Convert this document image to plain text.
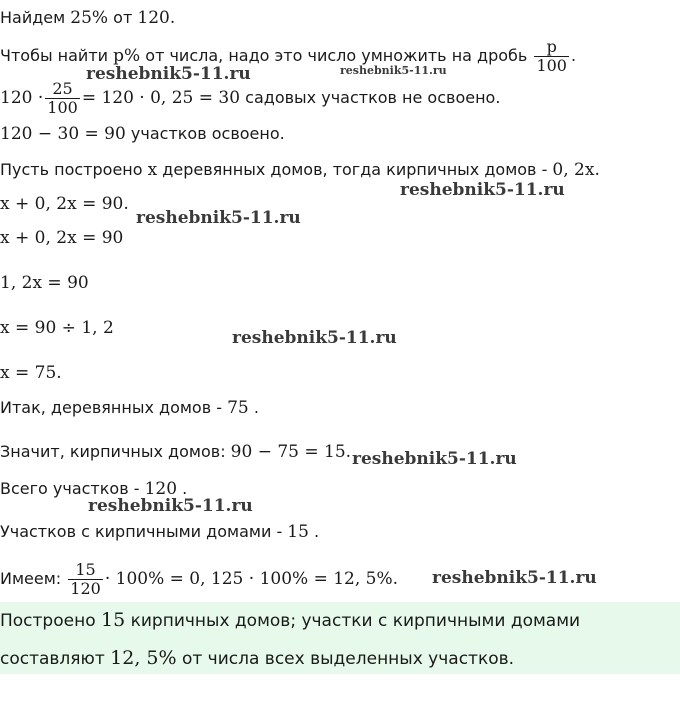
Найдем 25% от 120.
Чтобы найти p% от числа, надо это число умножить на дробь $\frac{p}{100}$ .
$120 \cdot \frac{25}{100} = 120 \cdot 0$, 25 = 30 садовых участков не освоено.
120 − 30 = 90 участков освоено.
Пусть построено x деревянных домов, тогда кирпичных домов - 0, 2x.
x + 0, 2x = 90.
x + 0, 2x = 90
1, 2x = 90
x = 90 ÷ 1, 2
x = 75.
Итак, деревянных домов - 75 .
Значит, кирпичных домов: 90 − 75 = 15.
Всего участков - 120 .
Участков с кирпичными домами - 15 .
Имеем: $\frac{15}{120} \cdot 100\% = 0$, 125 · 100% = 12, 5%.
Построено 15 кирпичных домов; участки с кирпичными домами
составляют 12, 5% от числа всех выделенных участков.
reshebnik5-11.ru	reshebnik5-11.ru
reshebnik5-11.ru
reshebnik5-11.ru
reshebnik5-11.ru
reshebnik5-11.ru
reshebnik5-11.ru
reshebnik5-11.ru
